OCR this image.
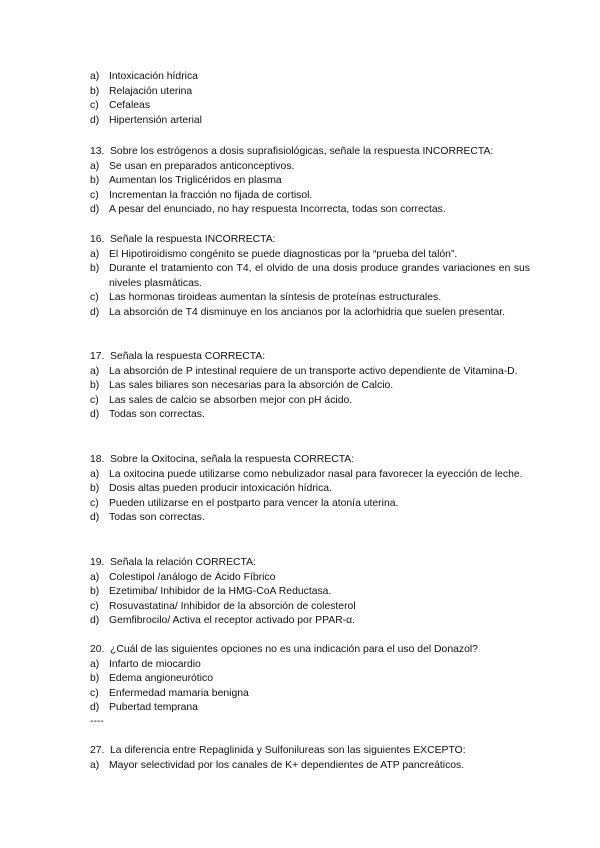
a) Intoxicación hídrica
b) Relajación uterina
c) Cefaleas
d) Hipertensión arterial
13. Sobre los estrógenos a dosis suprafisiológicas, señale la respuesta INCORRECTA:
a) Se usan en preparados anticonceptivos.
b) Aumentan los Triglicéridos en plasma
c) Incrementan la fracción no fijada de cortisol.
d) A pesar del enunciado, no hay respuesta Incorrecta, todas son correctas.
16. Señale la respuesta INCORRECTA:
a) El Hipotiroidismo congénito se puede diagnosticas por la “prueba del talón”.
b) Durante el tratamiento con T4, el olvido de una dosis produce grandes variaciones en sus niveles plasmáticas.
c) Las hormonas tiroideas aumentan la síntesis de proteínas estructurales.
d) La absorción de T4 disminuye en los ancianos por la aclorhidria que suelen presentar.
17. Señala la respuesta CORRECTA:
a) La absorción de P intestinal requiere de un transporte activo dependiente de Vitamina-D.
b) Las sales biliares son necesarias para la absorción de Calcio.
c) Las sales de calcio se absorben mejor con pH ácido.
d) Todas son correctas.
18. Sobre la Oxitocina, señala la respuesta CORRECTA:
a) La oxitocina puede utilizarse como nebulizador nasal para favorecer la eyección de leche.
b) Dosis altas pueden producir intoxicación hídrica.
c) Pueden utilizarse en el postparto para vencer la atonía uterina.
d) Todas son correctas.
19. Señala la relación CORRECTA:
a) Colestipol /análogo de Ácido Fíbrico
b) Ezetimiba/ Inhibidor de la HMG-CoA Reductasa.
c) Rosuvastatina/ Inhibidor de la absorción de colesterol
d) Gemfibrocilo/ Activa el receptor activado por PPAR-α.
20. ¿Cuál de las siguientes opciones no es una indicación para el uso del Donazol?
a) Infarto de miocardio
b) Edema angioneurótico
c) Enfermedad mamaria benigna
d) Pubertad temprana
----
27. La diferencia entre Repaglinida y Sulfonilureas son las siguientes EXCEPTO:
a) Mayor selectividad por los canales de K+ dependientes de ATP pancreáticos.
